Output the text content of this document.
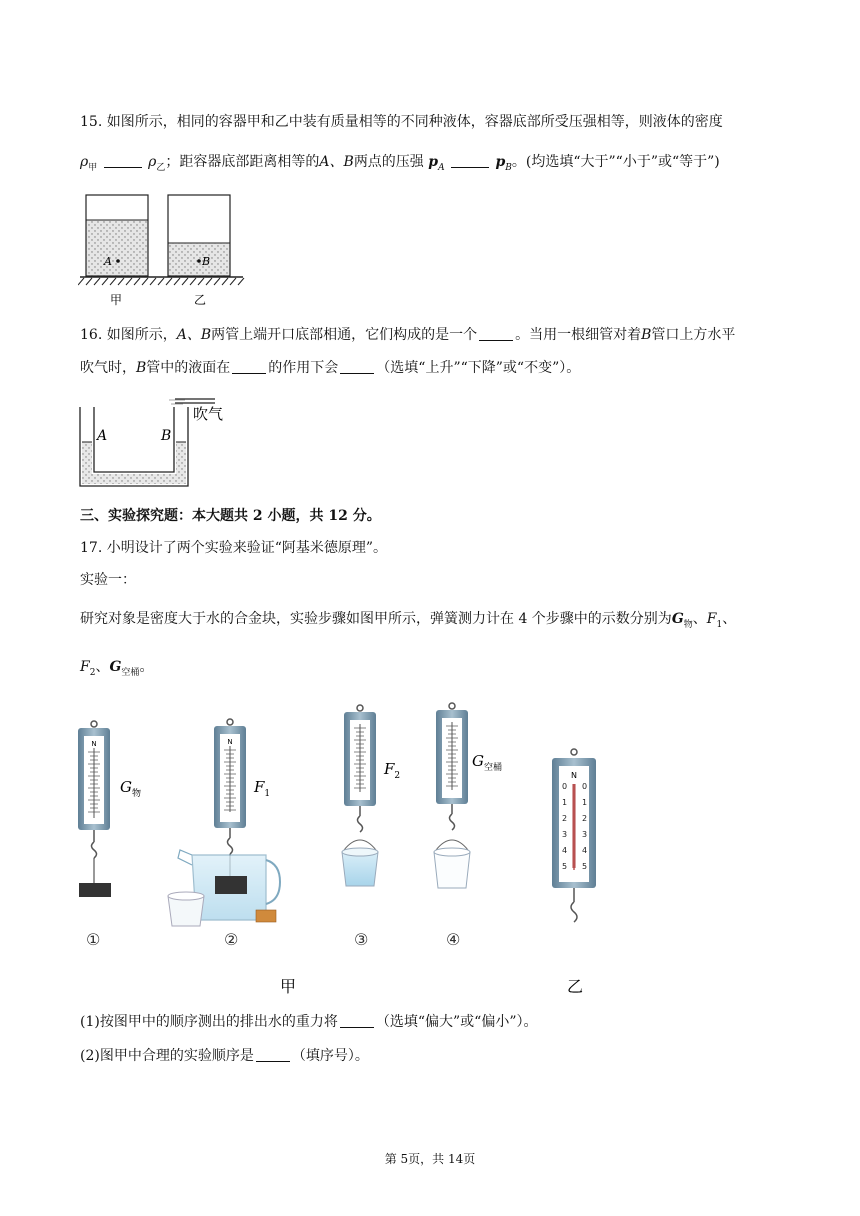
15. 如图所示，相同的容器甲和乙中装有质量相等的不同种液体，容器底部所受压强相等，则液体的密度
$\rho_甲$	$\rho_乙$；距容器底部距离相等的A、B两点的压强 $p_A$	$p_B$。(均选填“大于”“小于”或“等于”)
A	B
甲	乙
16. 如图所示，A、B两管上端开口底部相通，它们构成的是一个	。当用一根细管对着B管口上方水平
吹气时，B管中的液面在	的作用下会	（选填“上升”“下降”或“不变”）。
A	B
吹气
三、实验探究题：本大题共 2 小题，共 12 分。
17. 小明设计了两个实验来验证“阿基米德原理”。
实验一：
研究对象是密度大于水的合金块，实验步骤如图甲所示，弹簧测力计在 4 个步骤中的示数分别为$G_物$、$F_1$、
$F_2$、$G_{空桶}$。
N
$G_物$
N
$F_1$
$F_2$
$G_{空桶}$
N
0 0
1 1
2 2
3 3
4 4
5 5
①	②	③	④
甲	乙
(1)按图甲中的顺序测出的排出水的重力将	（选填“偏大”或“偏小”）。
(2)图甲中合理的实验顺序是	（填序号）。
第 5页，共 14页
